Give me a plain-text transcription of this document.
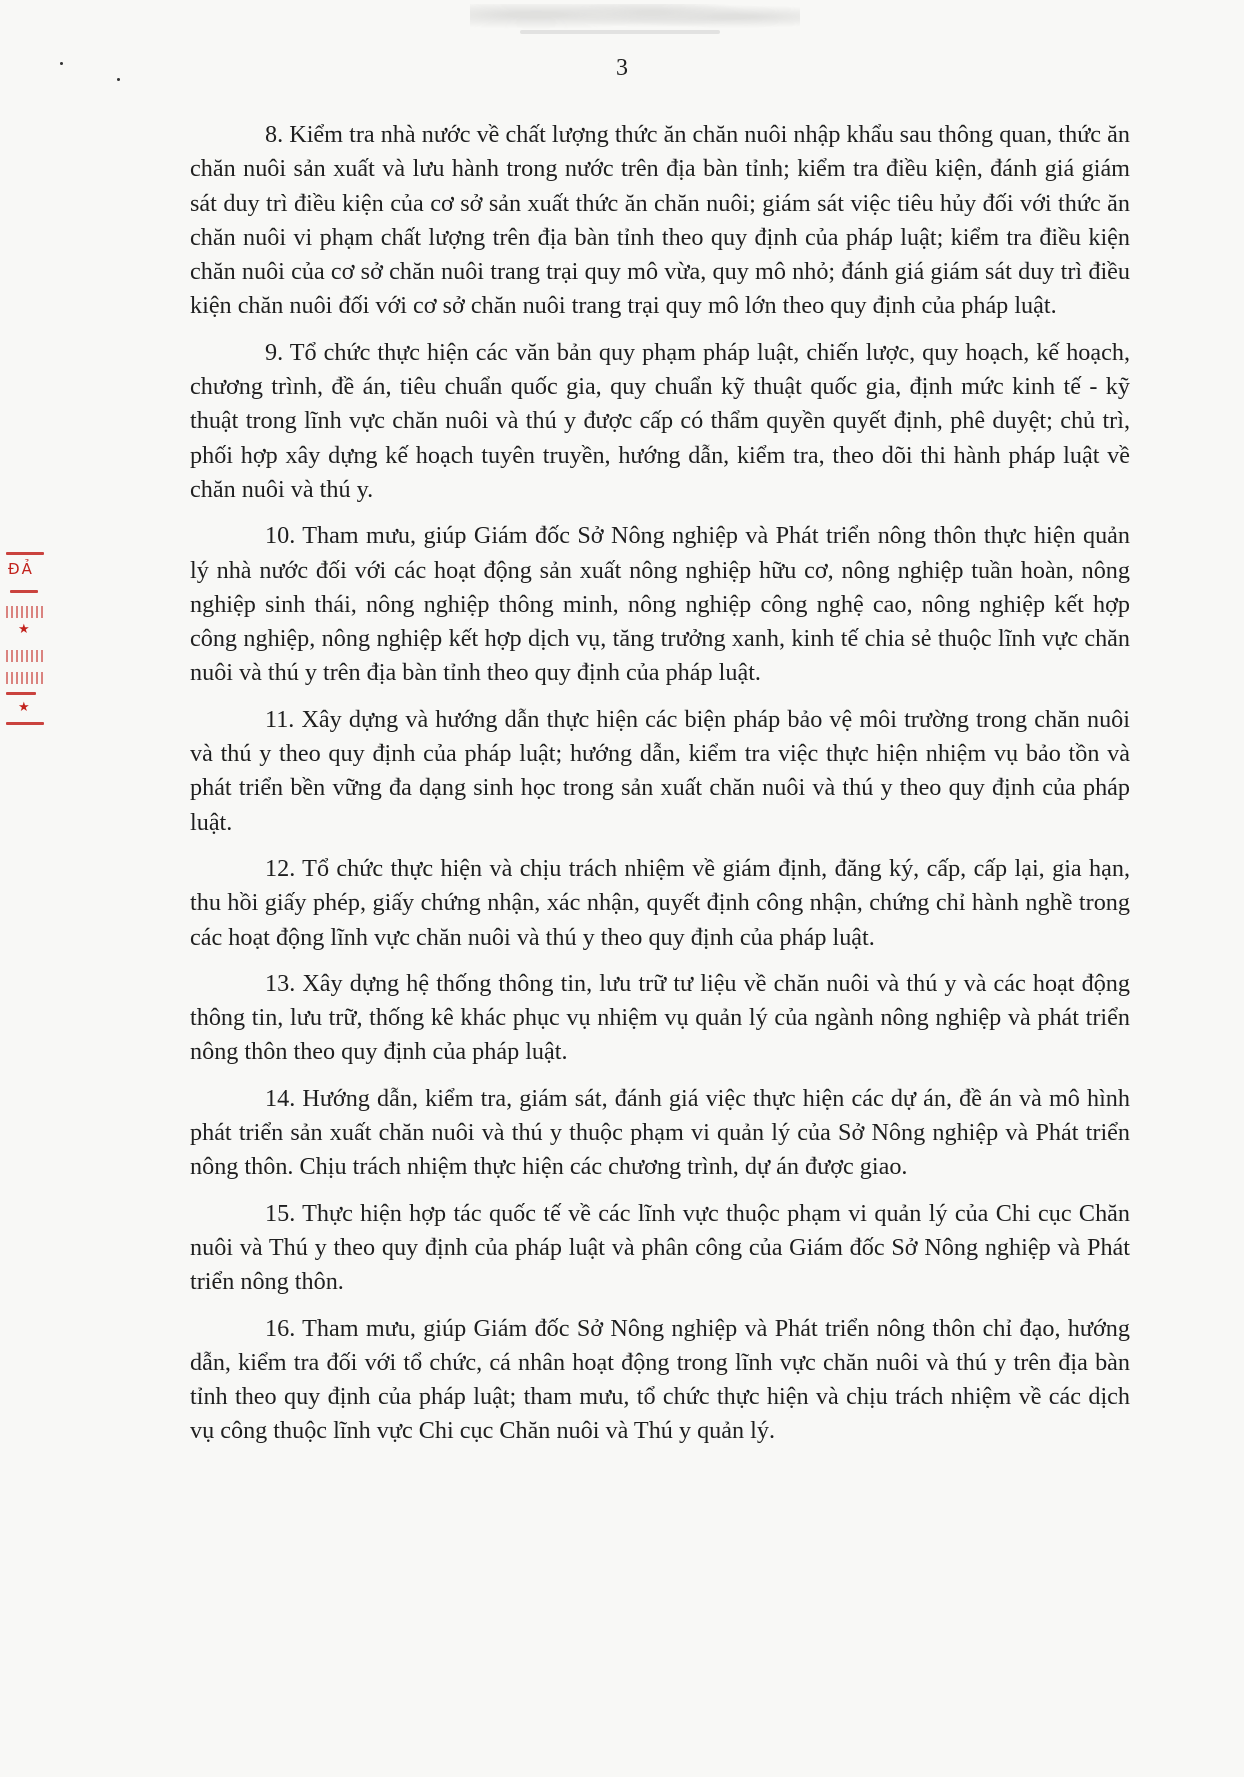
3
ĐẢ
★
★

8. Kiểm tra nhà nước về chất lượng thức ăn chăn nuôi nhập khẩu sau thông quan, thức ăn chăn nuôi sản xuất và lưu hành trong nước trên địa bàn tỉnh; kiểm tra điều kiện, đánh giá giám sát duy trì điều kiện của cơ sở sản xuất thức ăn chăn nuôi; giám sát việc tiêu hủy đối với thức ăn chăn nuôi vi phạm chất lượng trên địa bàn tỉnh theo quy định của pháp luật; kiểm tra điều kiện chăn nuôi của cơ sở chăn nuôi trang trại quy mô vừa, quy mô nhỏ; đánh giá giám sát duy trì điều kiện chăn nuôi đối với cơ sở chăn nuôi trang trại quy mô lớn theo quy định của pháp luật.

9. Tổ chức thực hiện các văn bản quy phạm pháp luật, chiến lược, quy hoạch, kế hoạch, chương trình, đề án, tiêu chuẩn quốc gia, quy chuẩn kỹ thuật quốc gia, định mức kinh tế - kỹ thuật trong lĩnh vực chăn nuôi và thú y được cấp có thẩm quyền quyết định, phê duyệt; chủ trì, phối hợp xây dựng kế hoạch tuyên truyền, hướng dẫn, kiểm tra, theo dõi thi hành pháp luật về chăn nuôi và thú y.

10. Tham mưu, giúp Giám đốc Sở Nông nghiệp và Phát triển nông thôn thực hiện quản lý nhà nước đối với các hoạt động sản xuất nông nghiệp hữu cơ, nông nghiệp tuần hoàn, nông nghiệp sinh thái, nông nghiệp thông minh, nông nghiệp công nghệ cao, nông nghiệp kết hợp công nghiệp, nông nghiệp kết hợp dịch vụ, tăng trưởng xanh, kinh tế chia sẻ thuộc lĩnh vực chăn nuôi và thú y trên địa bàn tỉnh theo quy định của pháp luật.

11. Xây dựng và hướng dẫn thực hiện các biện pháp bảo vệ môi trường trong chăn nuôi và thú y theo quy định của pháp luật; hướng dẫn, kiểm tra việc thực hiện nhiệm vụ bảo tồn và phát triển bền vững đa dạng sinh học trong sản xuất chăn nuôi và thú y theo quy định của pháp luật.

12. Tổ chức thực hiện và chịu trách nhiệm về giám định, đăng ký, cấp, cấp lại, gia hạn, thu hồi giấy phép, giấy chứng nhận, xác nhận, quyết định công nhận, chứng chỉ hành nghề trong các hoạt động lĩnh vực chăn nuôi và thú y theo quy định của pháp luật.

13. Xây dựng hệ thống thông tin, lưu trữ tư liệu về chăn nuôi và thú y và các hoạt động thông tin, lưu trữ, thống kê khác phục vụ nhiệm vụ quản lý của ngành nông nghiệp và phát triển nông thôn theo quy định của pháp luật.

14. Hướng dẫn, kiểm tra, giám sát, đánh giá việc thực hiện các dự án, đề án và mô hình phát triển sản xuất chăn nuôi và thú y thuộc phạm vi quản lý của Sở Nông nghiệp và Phát triển nông thôn. Chịu trách nhiệm thực hiện các chương trình, dự án được giao.

15. Thực hiện hợp tác quốc tế về các lĩnh vực thuộc phạm vi quản lý của Chi cục Chăn nuôi và Thú y theo quy định của pháp luật và phân công của Giám đốc Sở Nông nghiệp và Phát triển nông thôn.

16. Tham mưu, giúp Giám đốc Sở Nông nghiệp và Phát triển nông thôn chỉ đạo, hướng dẫn, kiểm tra đối với tổ chức, cá nhân hoạt động trong lĩnh vực chăn nuôi và thú y trên địa bàn tỉnh theo quy định của pháp luật; tham mưu, tổ chức thực hiện và chịu trách nhiệm về các dịch vụ công thuộc lĩnh vực Chi cục Chăn nuôi và Thú y quản lý.
